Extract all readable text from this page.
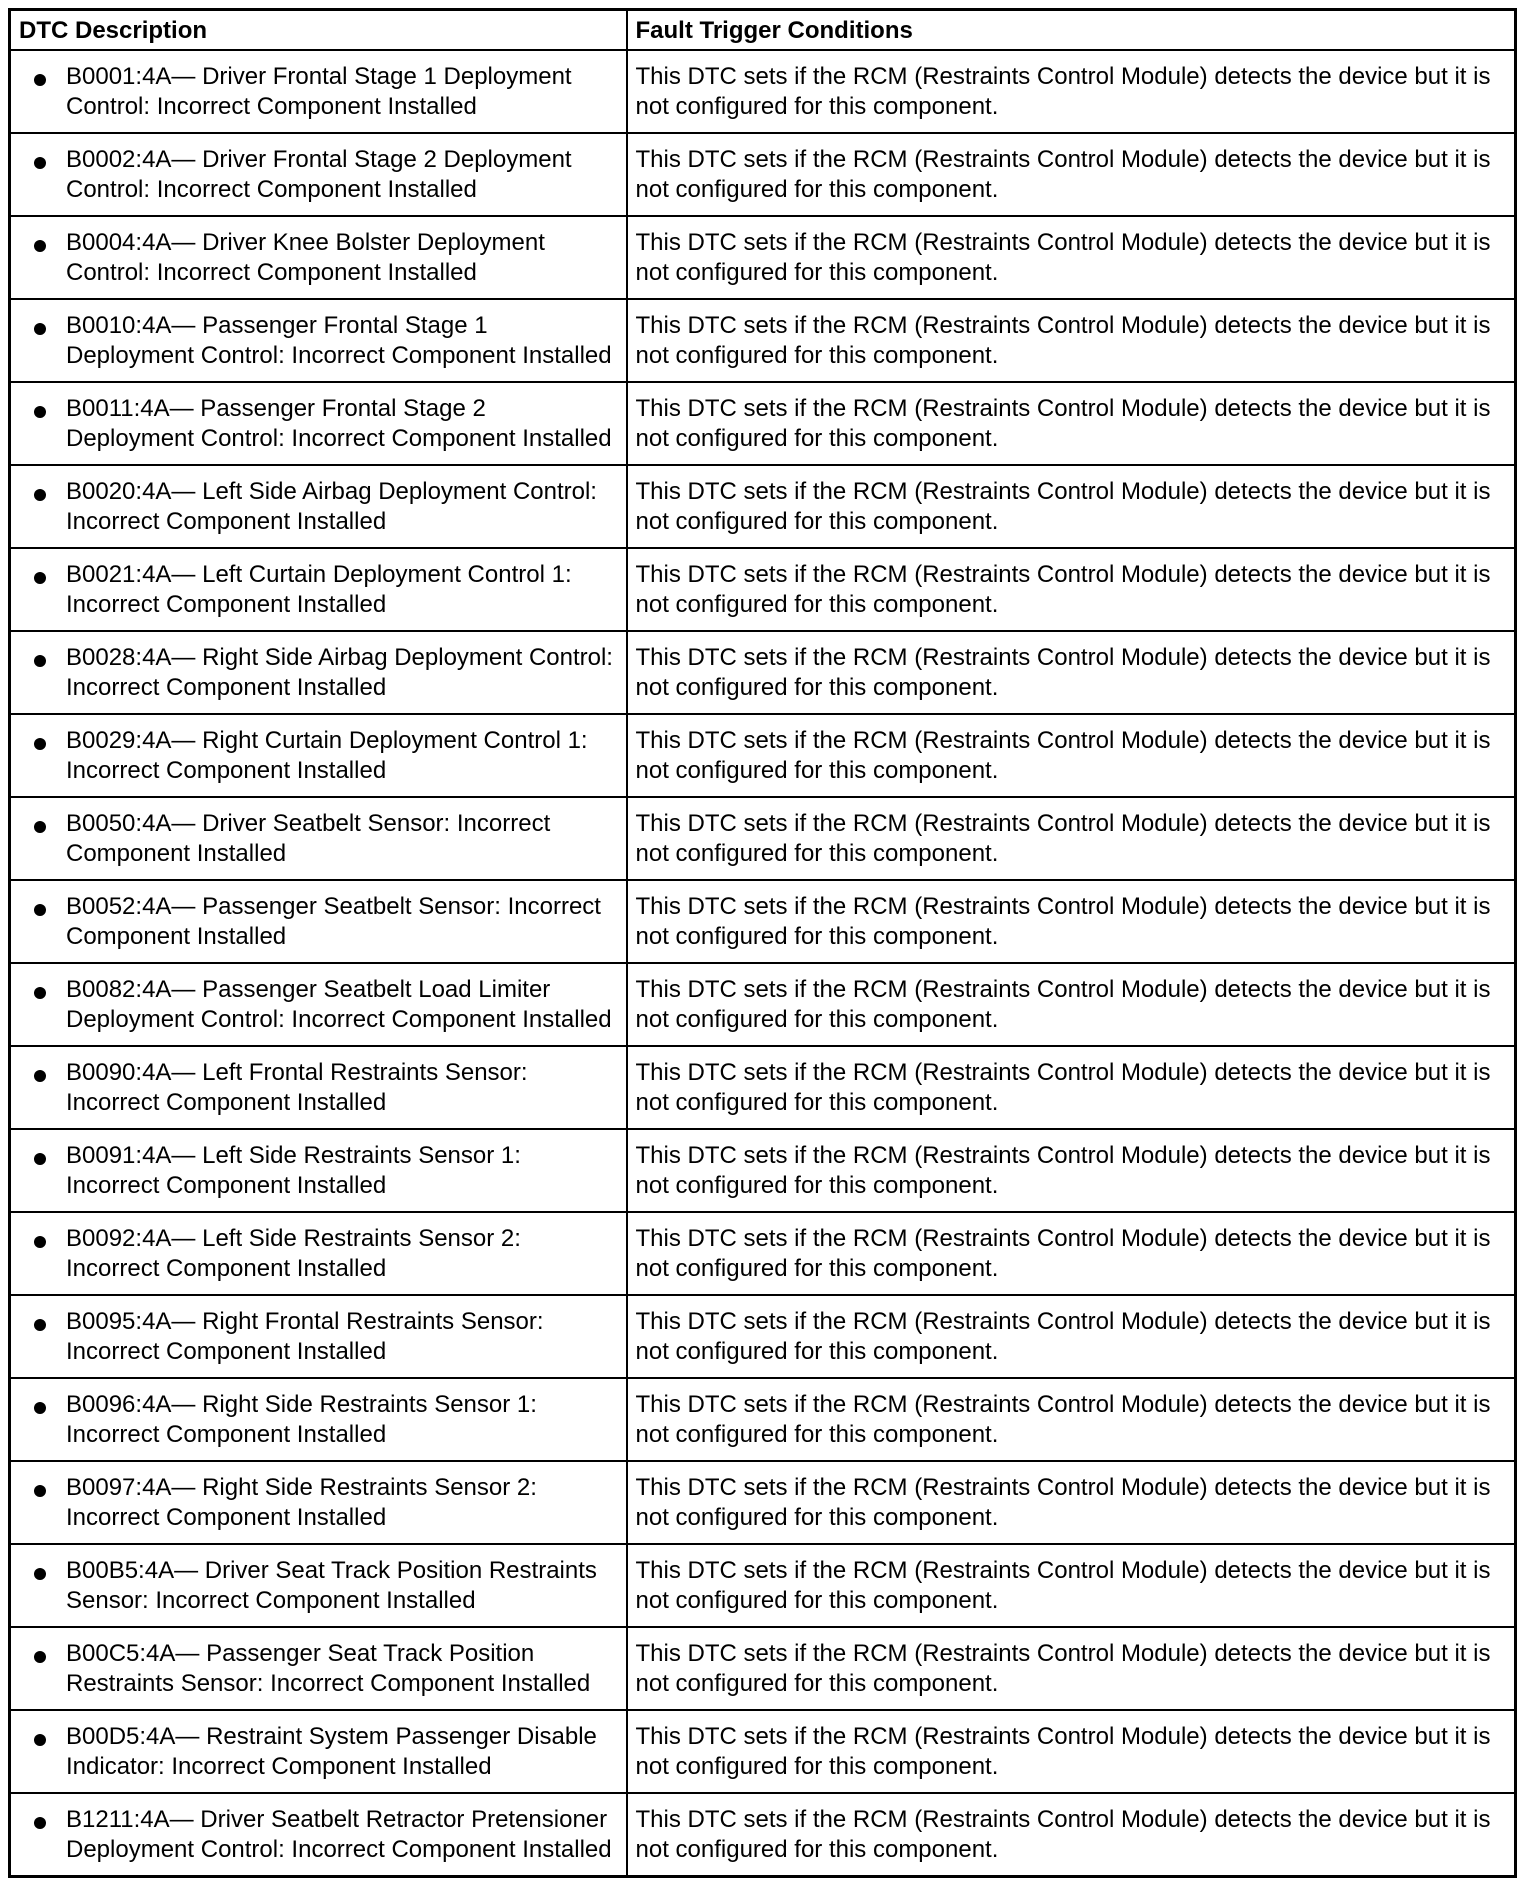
DTC Description	Fault Trigger Conditions

B0001:4A— Driver Frontal Stage 1 Deployment Control: Incorrect Component Installed	This DTC sets if the RCM (Restraints Control Module) detects the device but it is not configured for this component.

B0002:4A— Driver Frontal Stage 2 Deployment Control: Incorrect Component Installed	This DTC sets if the RCM (Restraints Control Module) detects the device but it is not configured for this component.

B0004:4A— Driver Knee Bolster Deployment Control: Incorrect Component Installed	This DTC sets if the RCM (Restraints Control Module) detects the device but it is not configured for this component.

B0010:4A— Passenger Frontal Stage 1 Deployment Control: Incorrect Component Installed	This DTC sets if the RCM (Restraints Control Module) detects the device but it is not configured for this component.

B0011:4A— Passenger Frontal Stage 2 Deployment Control: Incorrect Component Installed	This DTC sets if the RCM (Restraints Control Module) detects the device but it is not configured for this component.

B0020:4A— Left Side Airbag Deployment Control: Incorrect Component Installed	This DTC sets if the RCM (Restraints Control Module) detects the device but it is not configured for this component.

B0021:4A— Left Curtain Deployment Control 1: Incorrect Component Installed	This DTC sets if the RCM (Restraints Control Module) detects the device but it is not configured for this component.

B0028:4A— Right Side Airbag Deployment Control: Incorrect Component Installed	This DTC sets if the RCM (Restraints Control Module) detects the device but it is not configured for this component.

B0029:4A— Right Curtain Deployment Control 1: Incorrect Component Installed	This DTC sets if the RCM (Restraints Control Module) detects the device but it is not configured for this component.

B0050:4A— Driver Seatbelt Sensor: Incorrect Component Installed	This DTC sets if the RCM (Restraints Control Module) detects the device but it is not configured for this component.

B0052:4A— Passenger Seatbelt Sensor: Incorrect Component Installed	This DTC sets if the RCM (Restraints Control Module) detects the device but it is not configured for this component.

B0082:4A— Passenger Seatbelt Load Limiter Deployment Control: Incorrect Component Installed	This DTC sets if the RCM (Restraints Control Module) detects the device but it is not configured for this component.

B0090:4A— Left Frontal Restraints Sensor: Incorrect Component Installed	This DTC sets if the RCM (Restraints Control Module) detects the device but it is not configured for this component.

B0091:4A— Left Side Restraints Sensor 1: Incorrect Component Installed	This DTC sets if the RCM (Restraints Control Module) detects the device but it is not configured for this component.

B0092:4A— Left Side Restraints Sensor 2: Incorrect Component Installed	This DTC sets if the RCM (Restraints Control Module) detects the device but it is not configured for this component.

B0095:4A— Right Frontal Restraints Sensor: Incorrect Component Installed	This DTC sets if the RCM (Restraints Control Module) detects the device but it is not configured for this component.

B0096:4A— Right Side Restraints Sensor 1: Incorrect Component Installed	This DTC sets if the RCM (Restraints Control Module) detects the device but it is not configured for this component.

B0097:4A— Right Side Restraints Sensor 2: Incorrect Component Installed	This DTC sets if the RCM (Restraints Control Module) detects the device but it is not configured for this component.

B00B5:4A— Driver Seat Track Position Restraints Sensor: Incorrect Component Installed	This DTC sets if the RCM (Restraints Control Module) detects the device but it is not configured for this component.

B00C5:4A— Passenger Seat Track Position Restraints Sensor: Incorrect Component Installed	This DTC sets if the RCM (Restraints Control Module) detects the device but it is not configured for this component.

B00D5:4A— Restraint System Passenger Disable Indicator: Incorrect Component Installed	This DTC sets if the RCM (Restraints Control Module) detects the device but it is not configured for this component.

B1211:4A— Driver Seatbelt Retractor Pretensioner Deployment Control: Incorrect Component Installed	This DTC sets if the RCM (Restraints Control Module) detects the device but it is not configured for this component.
